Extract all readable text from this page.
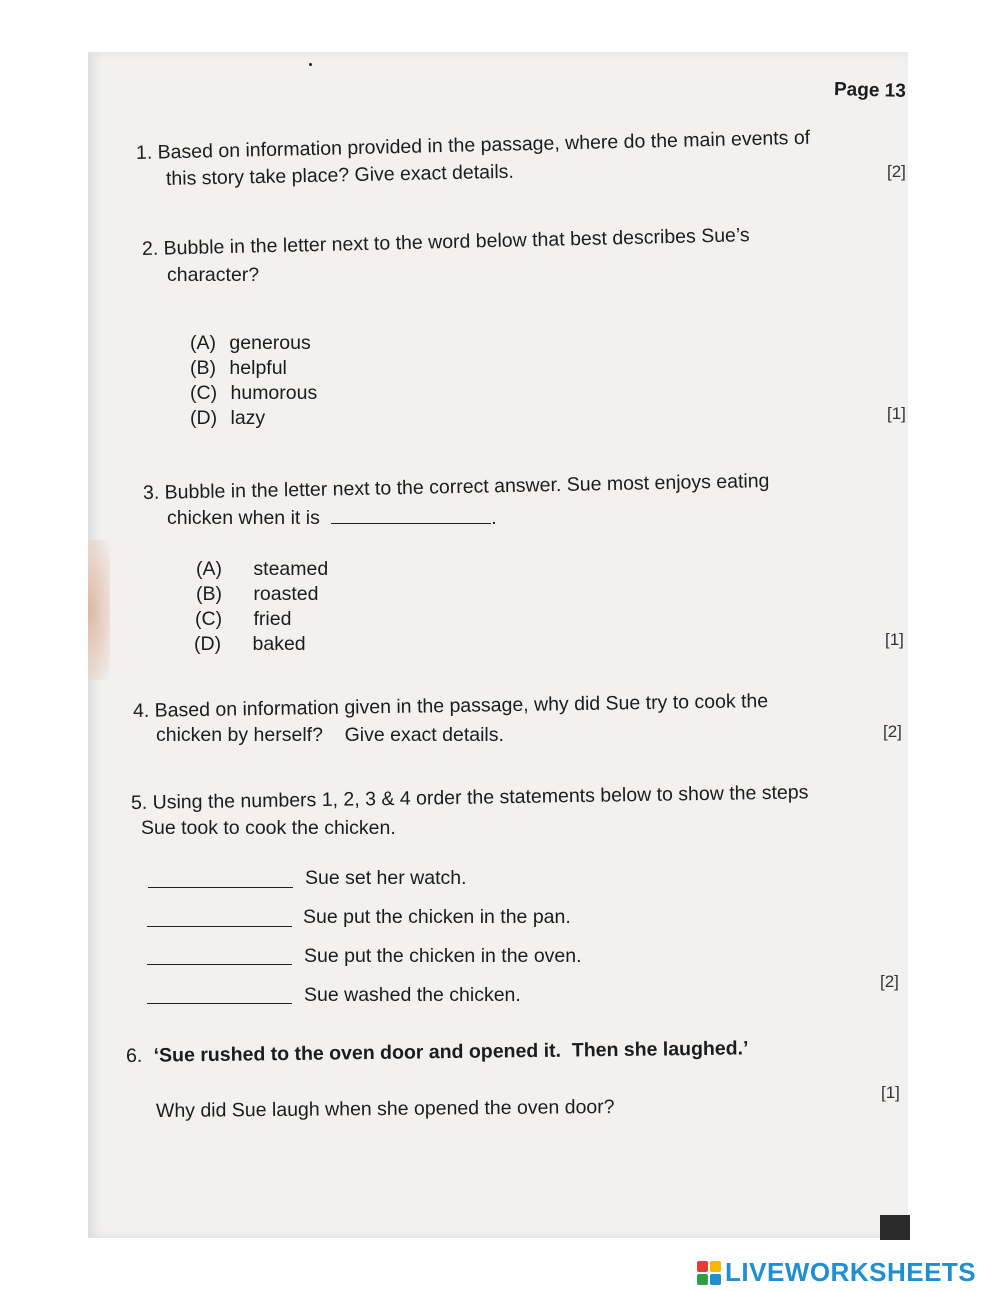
Page 13
1. Based on information provided in the passage, where do the main events of
this story take place? Give exact details.	[2]
2. Bubble in the letter next to the word below that best describes Sue’s
character?
(A) generous
(B) helpful
(C) humorous
(D) lazy	[1]
3. Bubble in the letter next to the correct answer. Sue most enjoys eating
chicken when it is	.
(A) steamed
(B) roasted
(C) fried
(D) baked	[1]
4. Based on information given in the passage, why did Sue try to cook the
chicken by herself?    Give exact details.	[2]
5. Using the numbers 1, 2, 3 & 4 order the statements below to show the steps
Sue took to cook the chicken.
Sue set her watch.
Sue put the chicken in the pan.
Sue put the chicken in the oven.
Sue washed the chicken.
[2]
6. ‘Sue rushed to the oven door and opened it.  Then she laughed.’
Why did Sue laugh when she opened the oven door?
[1]
LIVEWORKSHEETS
